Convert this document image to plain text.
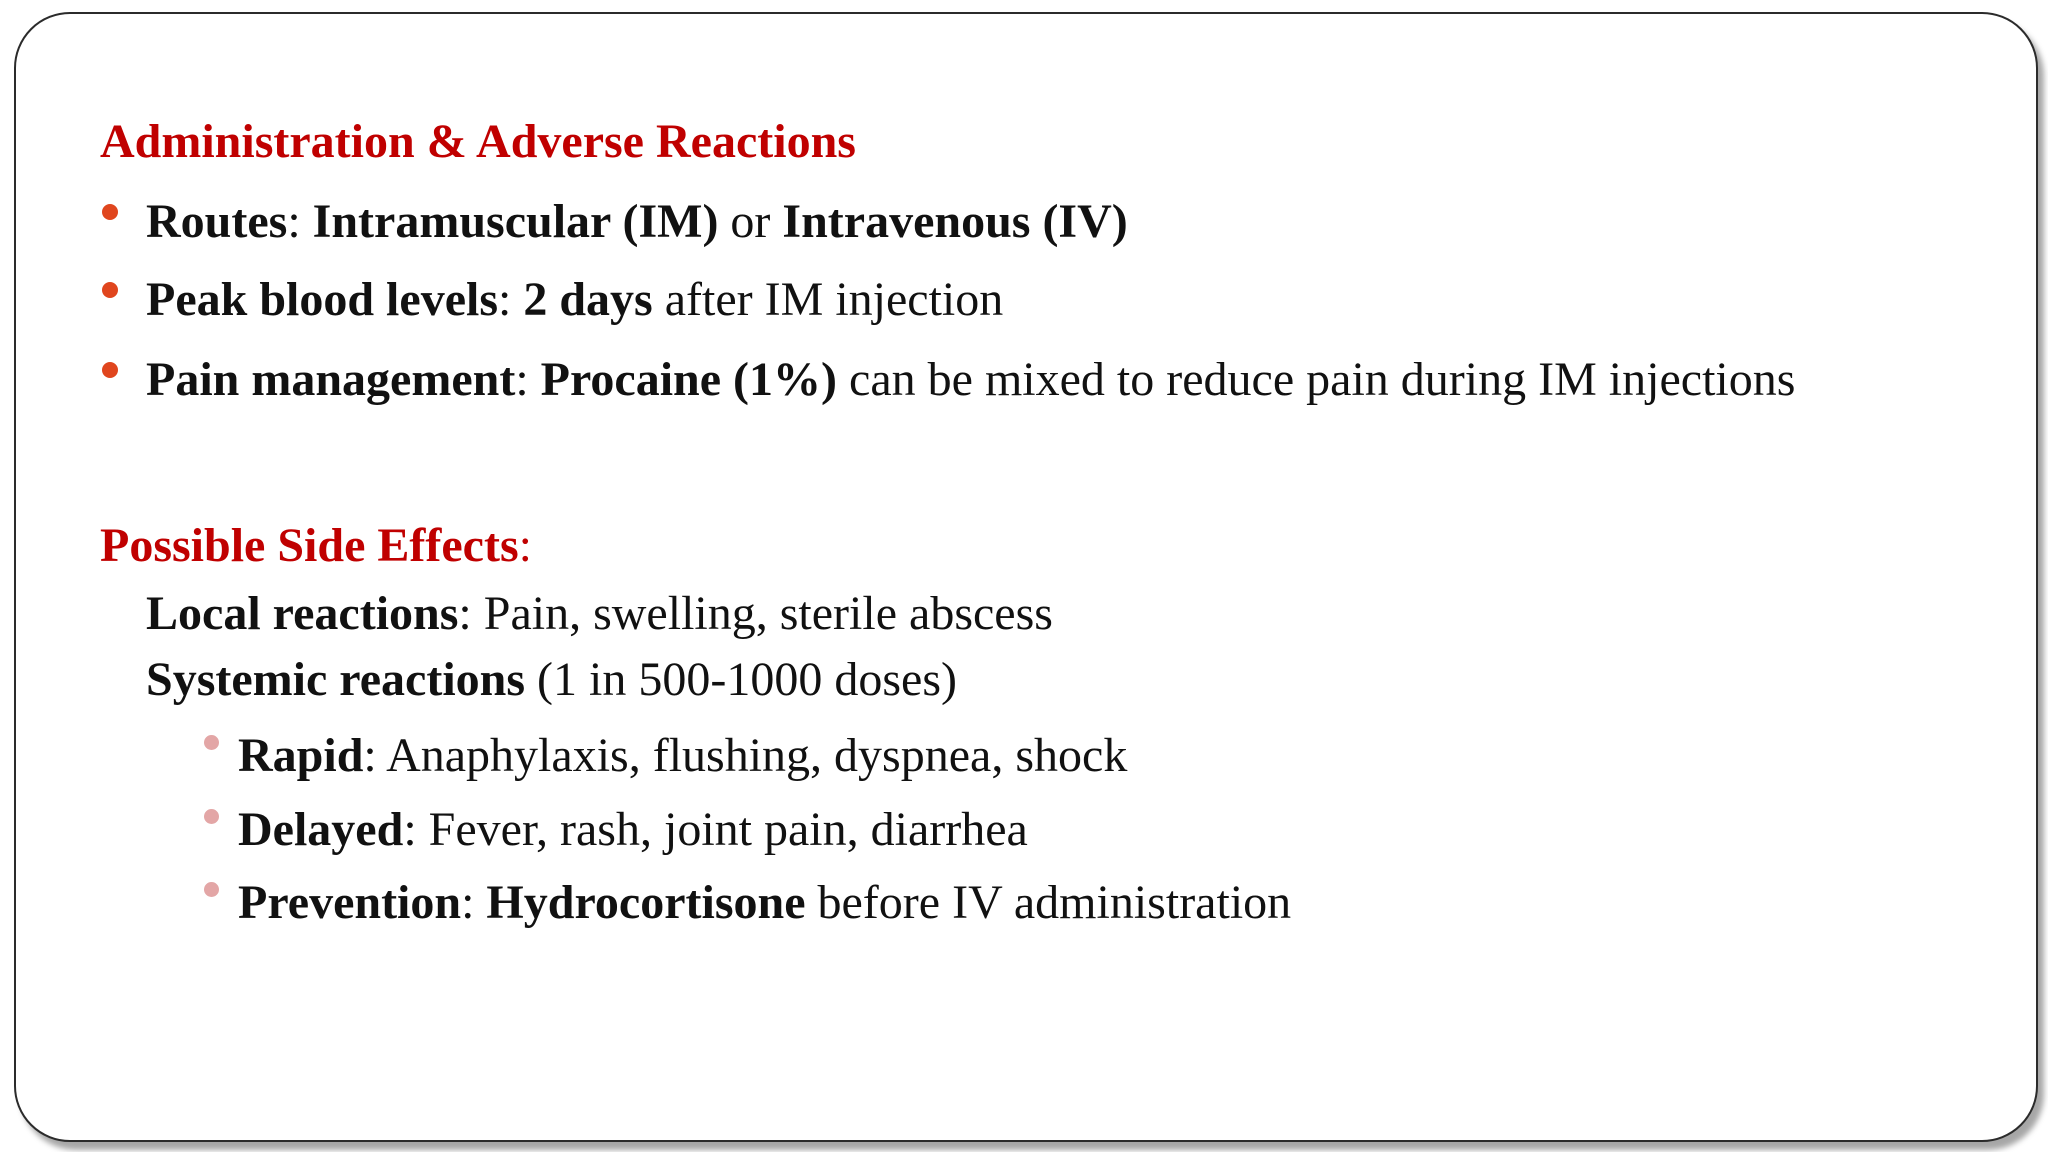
Administration & Adverse Reactions
Routes: Intramuscular (IM) or Intravenous (IV)
Peak blood levels: 2 days after IM injection
Pain management: Procaine (1%) can be mixed to reduce pain during IM injections
Possible Side Effects:
Local reactions: Pain, swelling, sterile abscess
Systemic reactions (1 in 500-1000 doses)
Rapid: Anaphylaxis, flushing, dyspnea, shock
Delayed: Fever, rash, joint pain, diarrhea
Prevention: Hydrocortisone before IV administration
